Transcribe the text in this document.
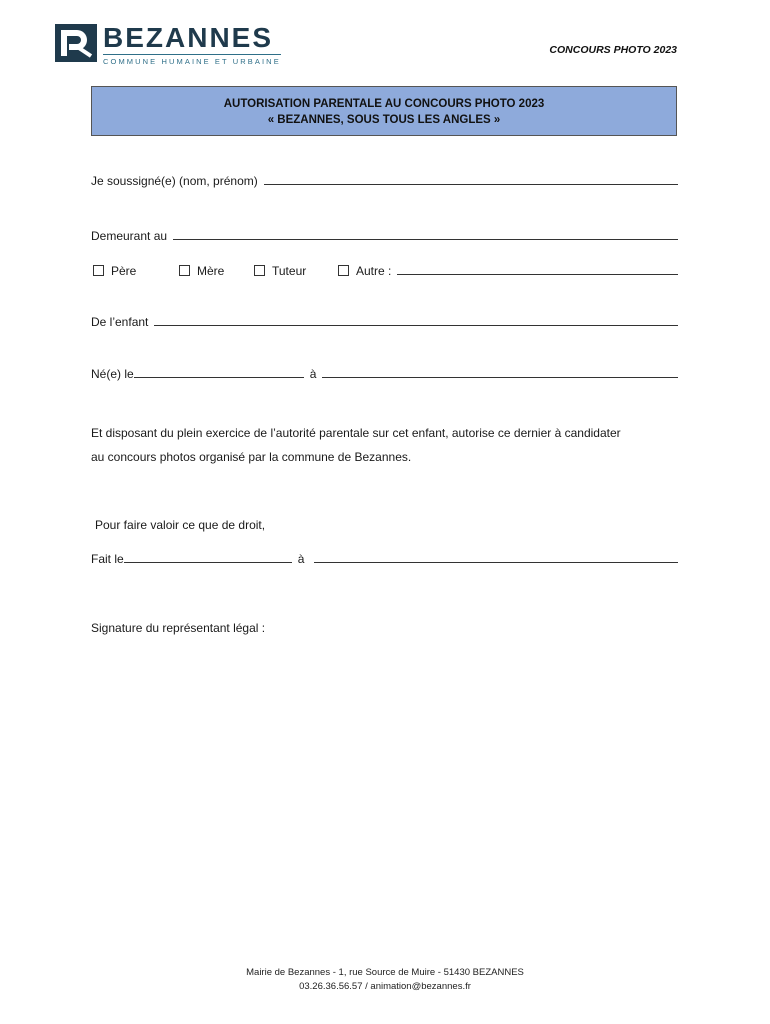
BEZANNES
COMMUNE HUMAINE ET URBAINE
CONCOURS PHOTO 2023
AUTORISATION PARENTALE AU CONCOURS PHOTO 2023
« BEZANNES, SOUS TOUS LES ANGLES »
Je soussigné(e) (nom, prénom)
Demeurant au
Père	Mère	Tuteur	Autre :
De l’enfant
Né(e) le	à
Et disposant du plein exercice de l’autorité parentale sur cet enfant, autorise ce dernier à candidater
au concours photos organisé par la commune de Bezannes.
Pour faire valoir ce que de droit,
Fait le	à
Signature du représentant légal :
Mairie de Bezannes - 1, rue Source de Muire - 51430 BEZANNES
03.26.36.56.57 / animation@bezannes.fr
